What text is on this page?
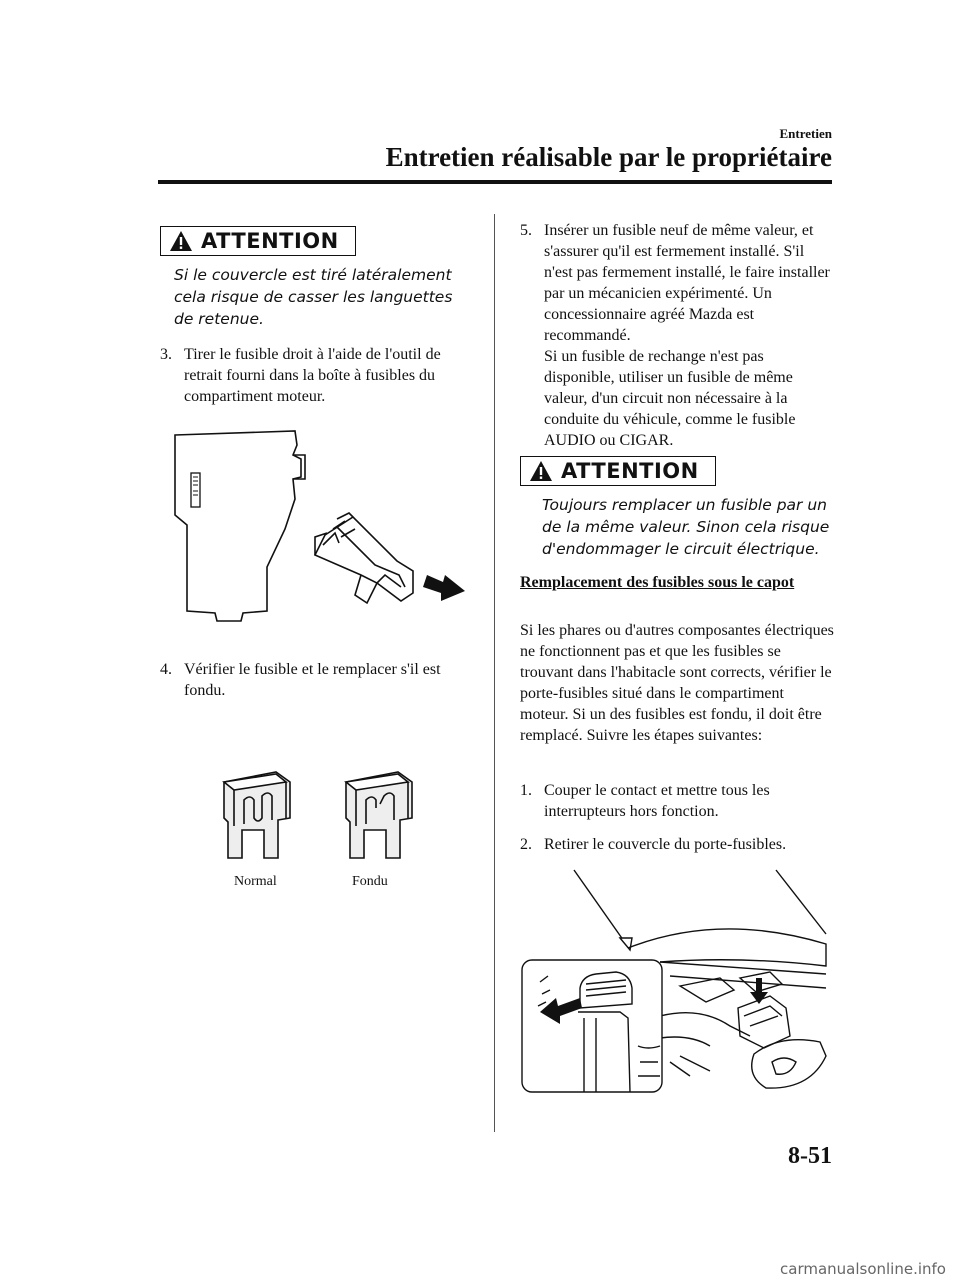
Entretien
Entretien réalisable par le propriétaire
ATTENTION

Si le couvercle est tiré latéralement cela risque de casser les languettes de retenue.

3. Tirer le fusible droit à l'aide de l'outil de retrait fourni dans la boîte à fusibles du compartiment moteur.

4. Vérifier le fusible et le remplacer s'il est fondu.

Normal	Fondu
5. Insérer un fusible neuf de même valeur, et s'assurer qu'il est fermement installé. S'il n'est pas fermement installé, le faire installer par un mécanicien expérimenté. Un concessionnaire agréé Mazda est recommandé.

Si un fusible de rechange n'est pas disponible, utiliser un fusible de même valeur, d'un circuit non nécessaire à la conduite du véhicule, comme le fusible AUDIO ou CIGAR.

ATTENTION

Toujours remplacer un fusible par un de la même valeur. Sinon cela risque d'endommager le circuit électrique.

Remplacement des fusibles sous le capot
Si les phares ou d'autres composantes électriques ne fonctionnent pas et que les fusibles se trouvant dans l'habitacle sont corrects, vérifier le porte-fusibles situé dans le compartiment moteur. Si un des fusibles est fondu, il doit être remplacé. Suivre les étapes suivantes:
1. Couper le contact et mettre tous les interrupteurs hors fonction.

2. Retirer le couvercle du porte-fusibles.

8-51
carmanualsonline.info
